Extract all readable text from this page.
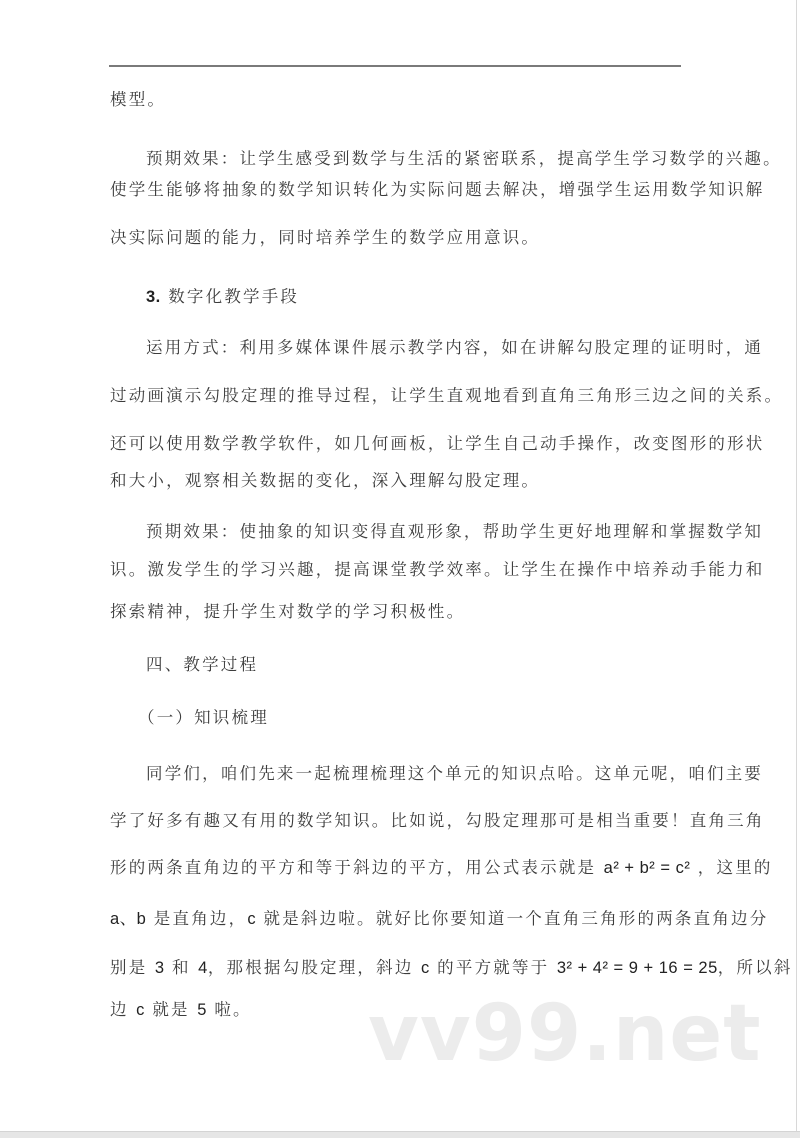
模型。
预期效果：让学生感受到数学与生活的紧密联系，提高学生学习数学的兴趣。
使学生能够将抽象的数学知识转化为实际问题去解决，增强学生运用数学知识解
决实际问题的能力，同时培养学生的数学应用意识。
3. 数字化教学手段
运用方式：利用多媒体课件展示教学内容，如在讲解勾股定理的证明时，通
过动画演示勾股定理的推导过程，让学生直观地看到直角三角形三边之间的关系。
还可以使用数学教学软件，如几何画板，让学生自己动手操作，改变图形的形状
和大小，观察相关数据的变化，深入理解勾股定理。
预期效果：使抽象的知识变得直观形象，帮助学生更好地理解和掌握数学知
识。激发学生的学习兴趣，提高课堂教学效率。让学生在操作中培养动手能力和
探索精神，提升学生对数学的学习积极性。
四、教学过程
（一）知识梳理
同学们，咱们先来一起梳理梳理这个单元的知识点哈。这单元呢，咱们主要
学了好多有趣又有用的数学知识。比如说，勾股定理那可是相当重要！直角三角
形的两条直角边的平方和等于斜边的平方，用公式表示就是 a² + b² = c² ，这里的
a、b 是直角边，c 就是斜边啦。就好比你要知道一个直角三角形的两条直角边分
别是 3 和 4，那根据勾股定理，斜边 c 的平方就等于 3² + 4² = 9 + 16 = 25，所以斜
边 c 就是 5 啦。	vv99.net
